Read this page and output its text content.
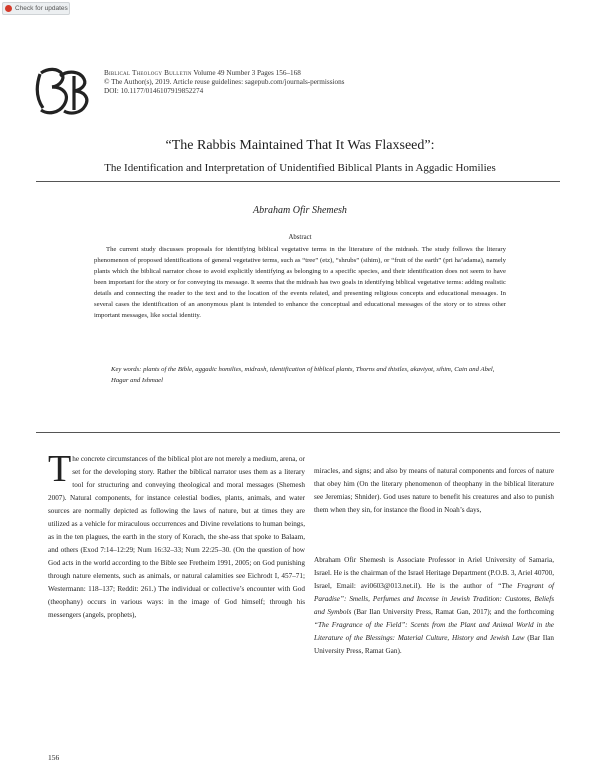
Check for updates
Biblical Theology Bulletin Volume 49 Number 3 Pages 156–168
© The Author(s), 2019. Article reuse guidelines: sagepub.com/journals-permissions
DOI: 10.1177/0146107919852274
“The Rabbis Maintained That It Was Flaxseed”:
The Identification and Interpretation of Unidentified Biblical Plants in Aggadic Homilies
Abraham Ofir Shemesh
Abstract

The current study discusses proposals for identifying biblical vegetative terms in the literature of the midrash. The study follows the literary phenomenon of proposed identifications of general vegetative terms, such as “tree” (etz), “shrubs” (sihim), or “fruit of the earth” (pri ha’adama), namely plants which the biblical narrator chose to avoid explicitly identifying as belonging to a specific species, and their identification does not seem to have been important for the story or for conveying its message. It seems that the midrash has two goals in identifying biblical vegetative terms: adding realistic details and connecting the reader to the text and to the location of the events related, and presenting religious concepts and educational messages. In several cases the identification of an anonymous plant is intended to enhance the conceptual and educational messages of the story or to stress other important messages, like social identity.

Key words: plants of the Bible, aggadic homilies, midrash, identification of biblical plants, Thorns and thistles, akaviyot, sihim, Cain and Abel, Hagar and Ishmael
The concrete circumstances of the biblical plot are not merely a medium, arena, or set for the developing story. Rather the biblical narrator uses them as a literary tool for structuring and conveying theological and moral messages (Shemesh 2007). Natural components, for instance celestial bodies, plants, animals, and water sources are normally depicted as following the laws of nature, but at times they are utilized as a vehicle for miraculous occurrences and Divine revelations to human beings, as in the ten plagues, the earth in the story of Korach, the she-ass that spoke to Balaam, and others (Exod 7:14–12:29; Num 16:32–33; Num 22:25–30. (On the question of how God acts in the world according to the Bible see Fretheim 1991, 2005; on God punishing through nature elements, such as animals, or natural calamities see Eichrodt I, 457–71; Westermann: 118–137; Reddit: 261.) The individual or collective’s encounter with God (theophany) occurs in various ways: in the image of God himself; through his messengers (angels, prophets),
miracles, and signs; and also by means of natural components and forces of nature that obey him (On the literary phenomenon of theophany in the biblical literature see Jeremias; Shnider). God uses nature to benefit his creatures and also to punish them when they sin, for instance the flood in Noah’s days,
Abraham Ofir Shemesh is Associate Professor in Ariel University of Samaria, Israel. He is the chairman of the Israel Heritage Department (P.O.B. 3, Ariel 40700, Israel, Email: avi0603@013.net.il). He is the author of “The Fragrant of Paradise”: Smells, Perfumes and Incense in Jewish Tradition: Customs, Beliefs and Symbols (Bar Ilan University Press, Ramat Gan, 2017); and the forthcoming “The Fragrance of the Field”: Scents from the Plant and Animal World in the Literature of the Blessings: Material Culture, History and Jewish Law (Bar Ilan University Press, Ramat Gan).
156
